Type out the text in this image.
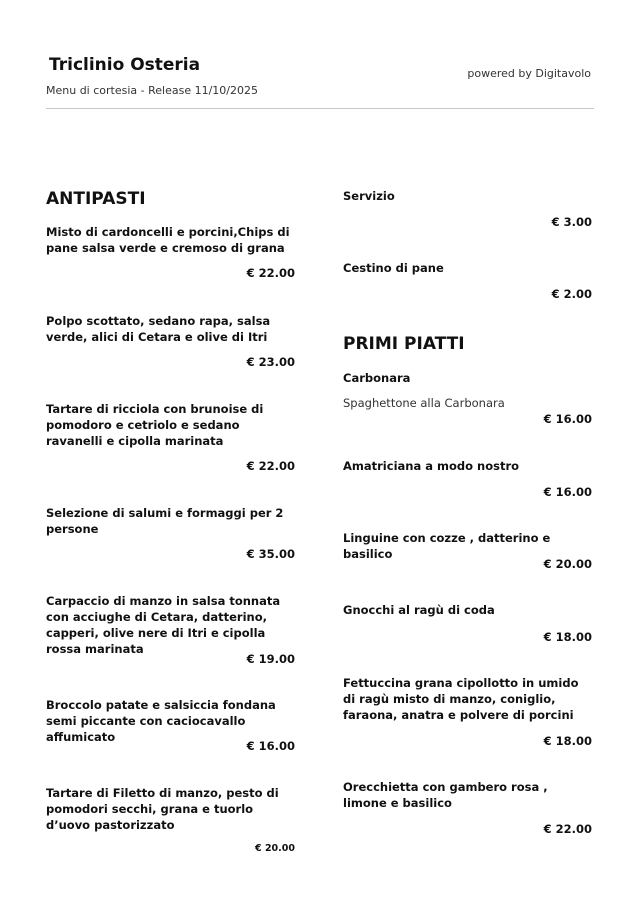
Triclinio Osteria
Menu di cortesia - Release 11/10/2025
powered by Digitavolo
ANTIPASTI

Misto di cardoncelli e porcini,Chips di pane salsa verde e cremoso di grana

€ 22.00

Polpo scottato, sedano rapa, salsa verde, alici di Cetara e olive di Itri

€ 23.00

Tartare di ricciola con brunoise di pomodoro e cetriolo e sedano ravanelli e cipolla marinata

€ 22.00

Selezione di salumi e formaggi per 2 persone

€ 35.00

Carpaccio di manzo in salsa tonnata con acciughe di Cetara, datterino, capperi, olive nere di Itri e cipolla rossa marinata

€ 19.00

Broccolo patate e salsiccia fondana semi piccante con caciocavallo affumicato

€ 16.00

Tartare di Filetto di manzo, pesto di pomodori secchi, grana e tuorlo d’uovo pastorizzato

€ 20.00

Servizio

€ 3.00

Cestino di pane

€ 2.00
PRIMI PIATTI

Carbonara

Spaghettone alla Carbonara
€ 16.00

Amatriciana a modo nostro

€ 16.00

Linguine con cozze , datterino e basilico

€ 20.00

Gnocchi al ragù di coda

€ 18.00

Fettuccina grana cipollotto in umido di ragù misto di manzo, coniglio, faraona, anatra e polvere di porcini

€ 18.00

Orecchietta con gambero rosa , limone e basilico

€ 22.00
